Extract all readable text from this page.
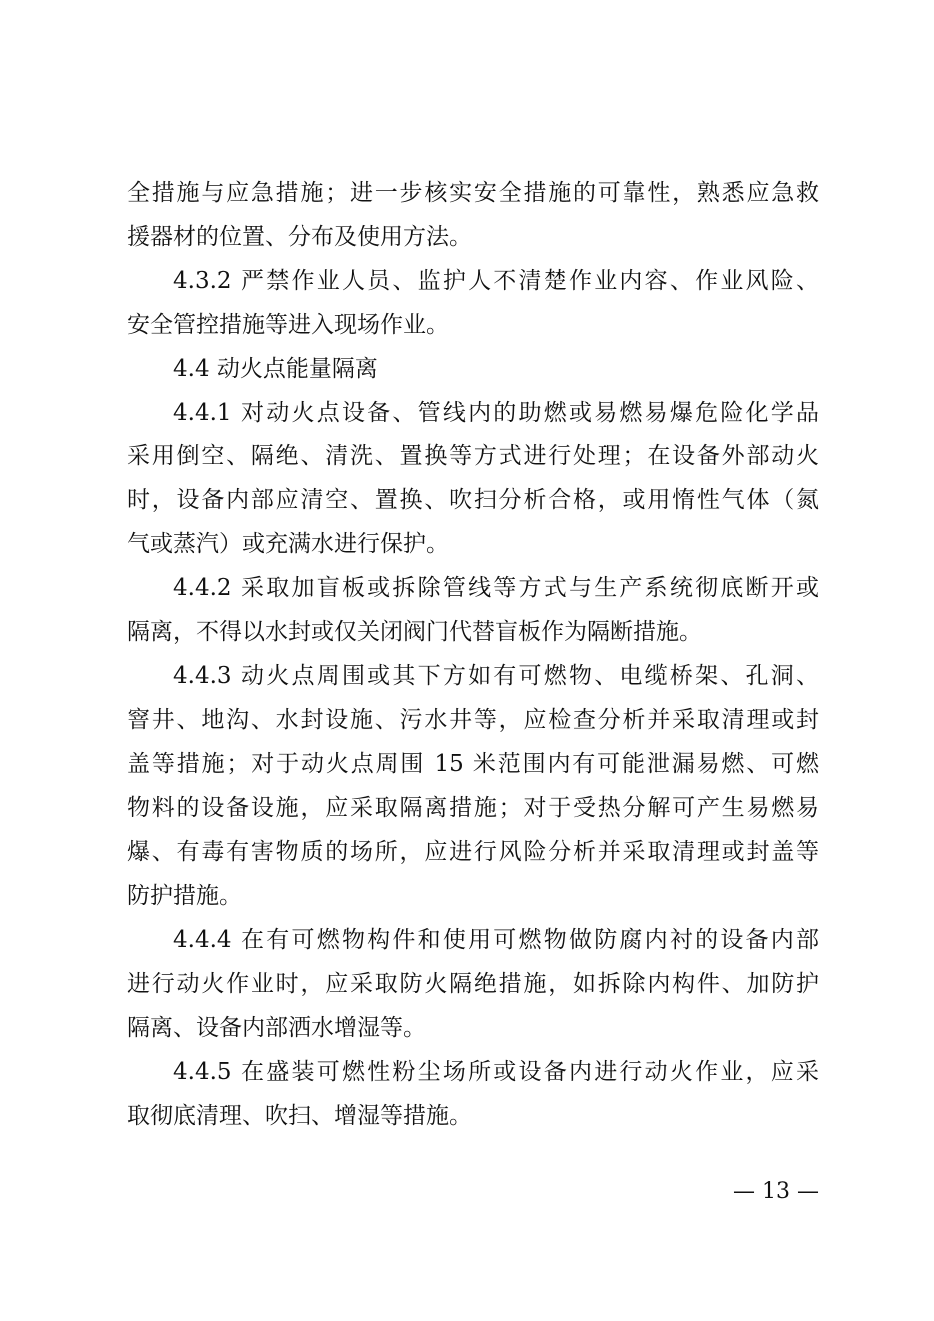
全措施与应急措施；进一步核实安全措施的可靠性，熟悉应急救
援器材的位置、分布及使用方法。
4.3.2 严禁作业人员、监护人不清楚作业内容、作业风险、
安全管控措施等进入现场作业。
4.4 动火点能量隔离
4.4.1 对动火点设备、管线内的助燃或易燃易爆危险化学品
采用倒空、隔绝、清洗、置换等方式进行处理；在设备外部动火
时，设备内部应清空、置换、吹扫分析合格，或用惰性气体（氮
气或蒸汽）或充满水进行保护。
4.4.2 采取加盲板或拆除管线等方式与生产系统彻底断开或
隔离，不得以水封或仅关闭阀门代替盲板作为隔断措施。
4.4.3 动火点周围或其下方如有可燃物、电缆桥架、孔洞、
窨井、地沟、水封设施、污水井等，应检查分析并采取清理或封
盖等措施；对于动火点周围 15 米范围内有可能泄漏易燃、可燃
物料的设备设施，应采取隔离措施；对于受热分解可产生易燃易
爆、有毒有害物质的场所，应进行风险分析并采取清理或封盖等
防护措施。
4.4.4 在有可燃物构件和使用可燃物做防腐内衬的设备内部
进行动火作业时，应采取防火隔绝措施，如拆除内构件、加防护
隔离、设备内部洒水增湿等。
4.4.5 在盛装可燃性粉尘场所或设备内进行动火作业，应采
取彻底清理、吹扫、增湿等措施。
— 13 —
